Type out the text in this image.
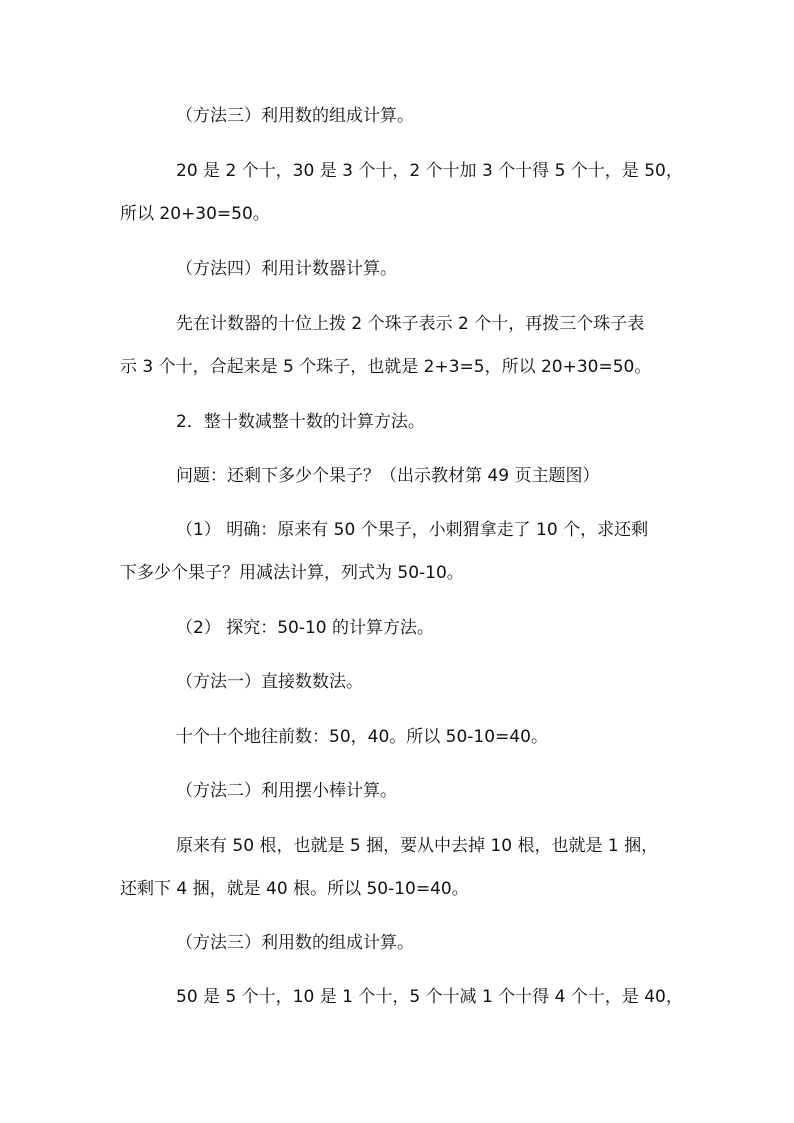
（方法三）利用数的组成计算。

20 是 2 个十，30 是 3 个十，2 个十加 3 个十得 5 个十，是 50，

所以 20+30=50。

（方法四）利用计数器计算。

先在计数器的十位上拨 2 个珠子表示 2 个十，再拨三个珠子表

示 3 个十，合起来是 5 个珠子，也就是 2+3=5，所以 20+30=50。

2．整十数减整十数的计算方法。

问题：还剩下多少个果子？（出示教材第 49 页主题图）

（1） 明确：原来有 50 个果子，小刺猬拿走了 10 个，求还剩

下多少个果子？用减法计算，列式为 50-10。

（2） 探究：50-10 的计算方法。

（方法一）直接数数法。

十个十个地往前数：50，40。所以 50-10=40。

（方法二）利用摆小棒计算。

原来有 50 根，也就是 5 捆，要从中去掉 10 根，也就是 1 捆，

还剩下 4 捆，就是 40 根。所以 50-10=40。

（方法三）利用数的组成计算。

50 是 5 个十，10 是 1 个十，5 个十减 1 个十得 4 个十，是 40，
